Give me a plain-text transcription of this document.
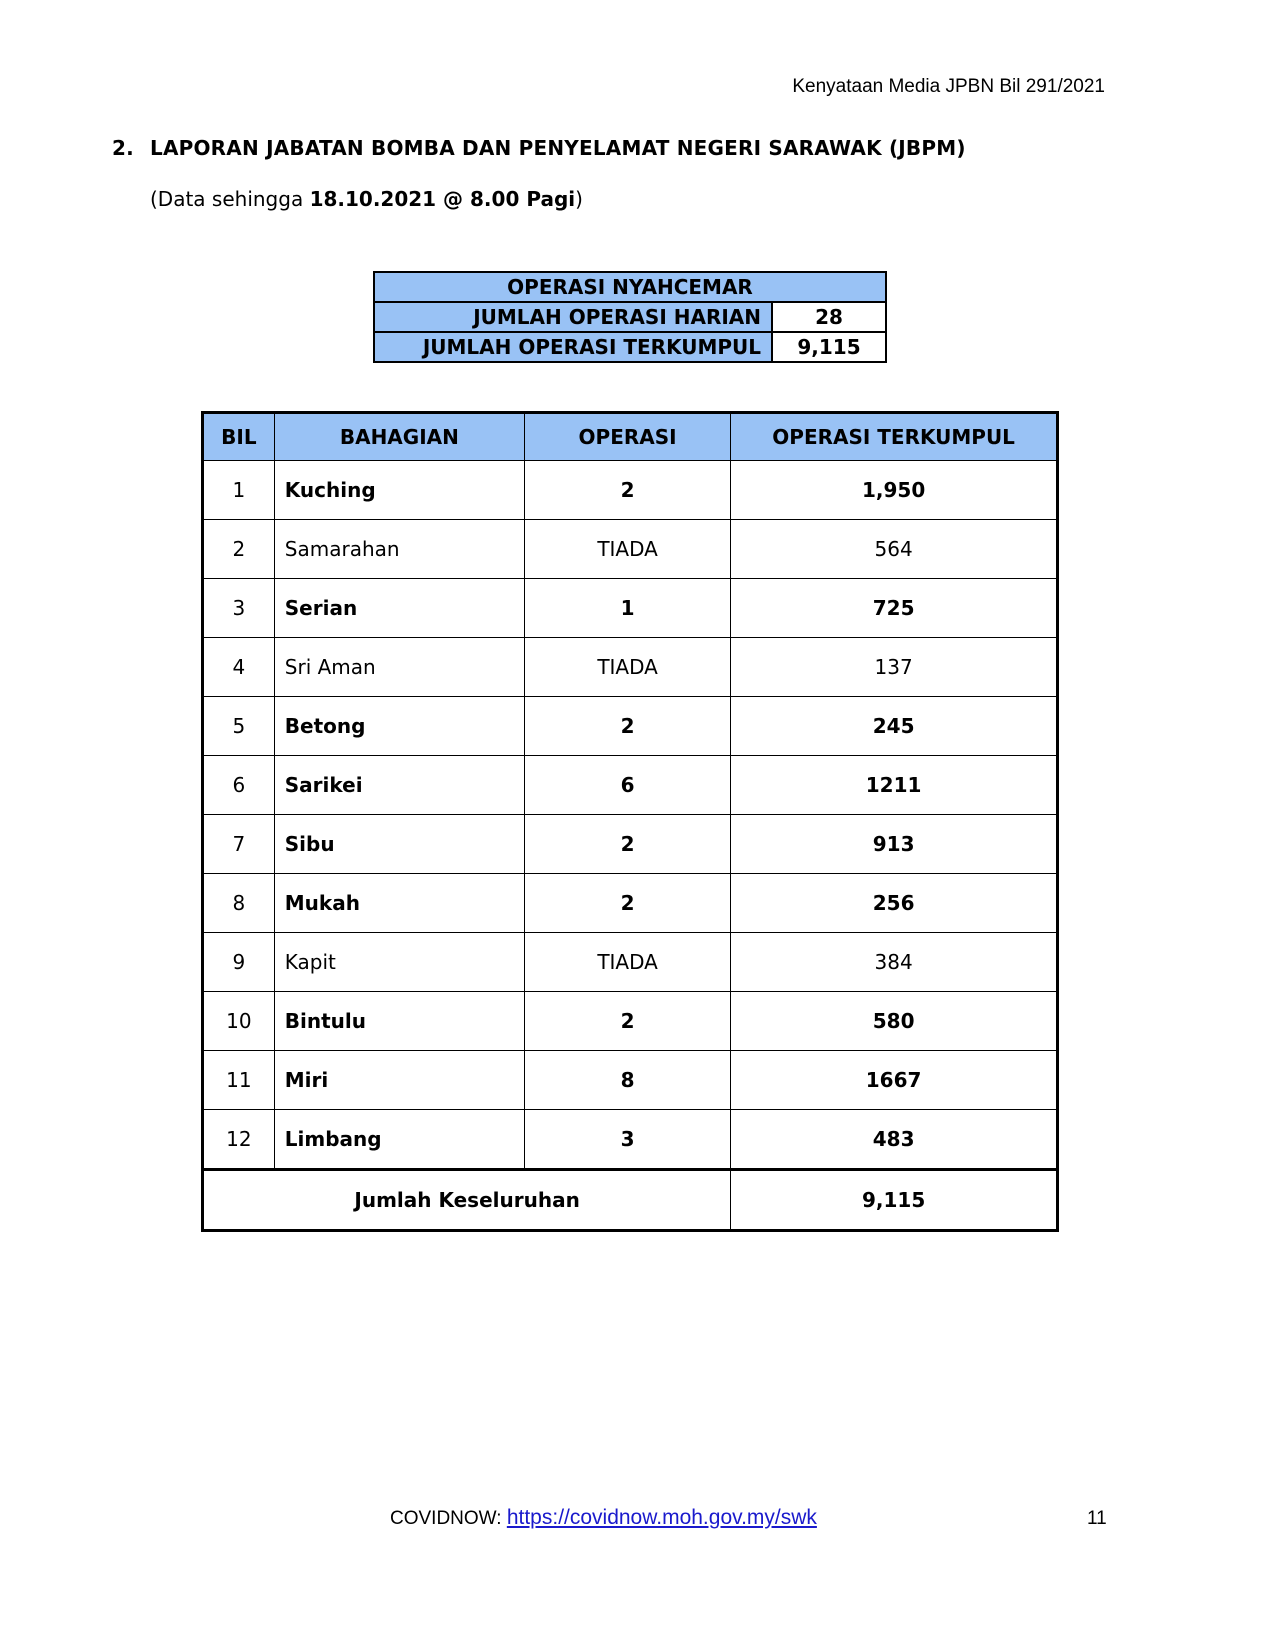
Kenyataan Media JPBN Bil 291/2021
2. LAPORAN JABATAN BOMBA DAN PENYELAMAT NEGERI SARAWAK (JBPM)
(Data sehingga 18.10.2021 @ 8.00 Pagi)
OPERASI NYAHCEMAR	
JUMLAH OPERASI HARIAN	28
JUMLAH OPERASI TERKUMPUL	9,115
BIL	BAHAGIAN	OPERASI	OPERASI TERKUMPUL
1	Kuching	2	1,950
2	Samarahan	TIADA	564
3	Serian	1	725
4	Sri Aman	TIADA	137
5	Betong	2	245
6	Sarikei	6	1211
7	Sibu	2	913
8	Mukah	2	256
9	Kapit	TIADA	384
10	Bintulu	2	580
11	Miri	8	1667
12	Limbang	3	483
Jumlah Keseluruhan			9,115
COVIDNOW: https://covidnow.moh.gov.my/swk	11
